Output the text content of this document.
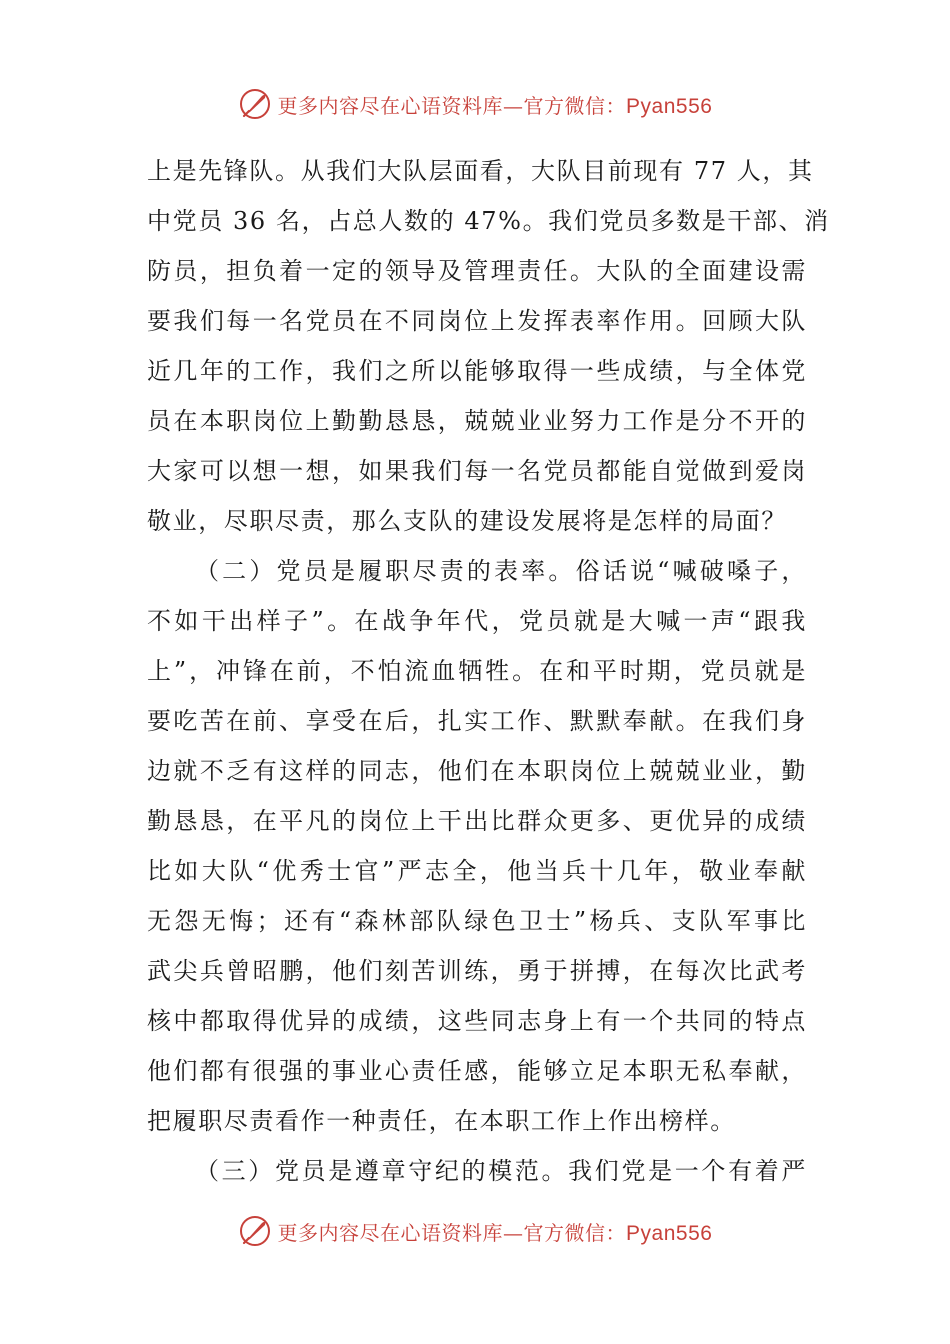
更多内容尽在心语资料库—官方微信：Pyan556
上是先锋队。从我们大队层面看，大队目前现有 77 人，其
中党员 36 名，占总人数的 47%。我们党员多数是干部、消
防员，担负着一定的领导及管理责任。大队的全面建设需
要我们每一名党员在不同岗位上发挥表率作用。回顾大队
近几年的工作，我们之所以能够取得一些成绩，与全体党
员在本职岗位上勤勤恳恳，兢兢业业努力工作是分不开的
大家可以想一想，如果我们每一名党员都能自觉做到爱岗
敬业，尽职尽责，那么支队的建设发展将是怎样的局面？
（二）党员是履职尽责的表率。俗话说“喊破嗓子，
不如干出样子”。在战争年代，党员就是大喊一声“跟我
上”，冲锋在前，不怕流血牺牲。在和平时期，党员就是
要吃苦在前、享受在后，扎实工作、默默奉献。在我们身
边就不乏有这样的同志，他们在本职岗位上兢兢业业，勤
勤恳恳，在平凡的岗位上干出比群众更多、更优异的成绩
比如大队“优秀士官”严志全，他当兵十几年，敬业奉献
无怨无悔；还有“森林部队绿色卫士”杨兵、支队军事比
武尖兵曾昭鹏，他们刻苦训练，勇于拼搏，在每次比武考
核中都取得优异的成绩，这些同志身上有一个共同的特点
他们都有很强的事业心责任感，能够立足本职无私奉献，
把履职尽责看作一种责任，在本职工作上作出榜样。
（三）党员是遵章守纪的模范。我们党是一个有着严
更多内容尽在心语资料库—官方微信：Pyan556
